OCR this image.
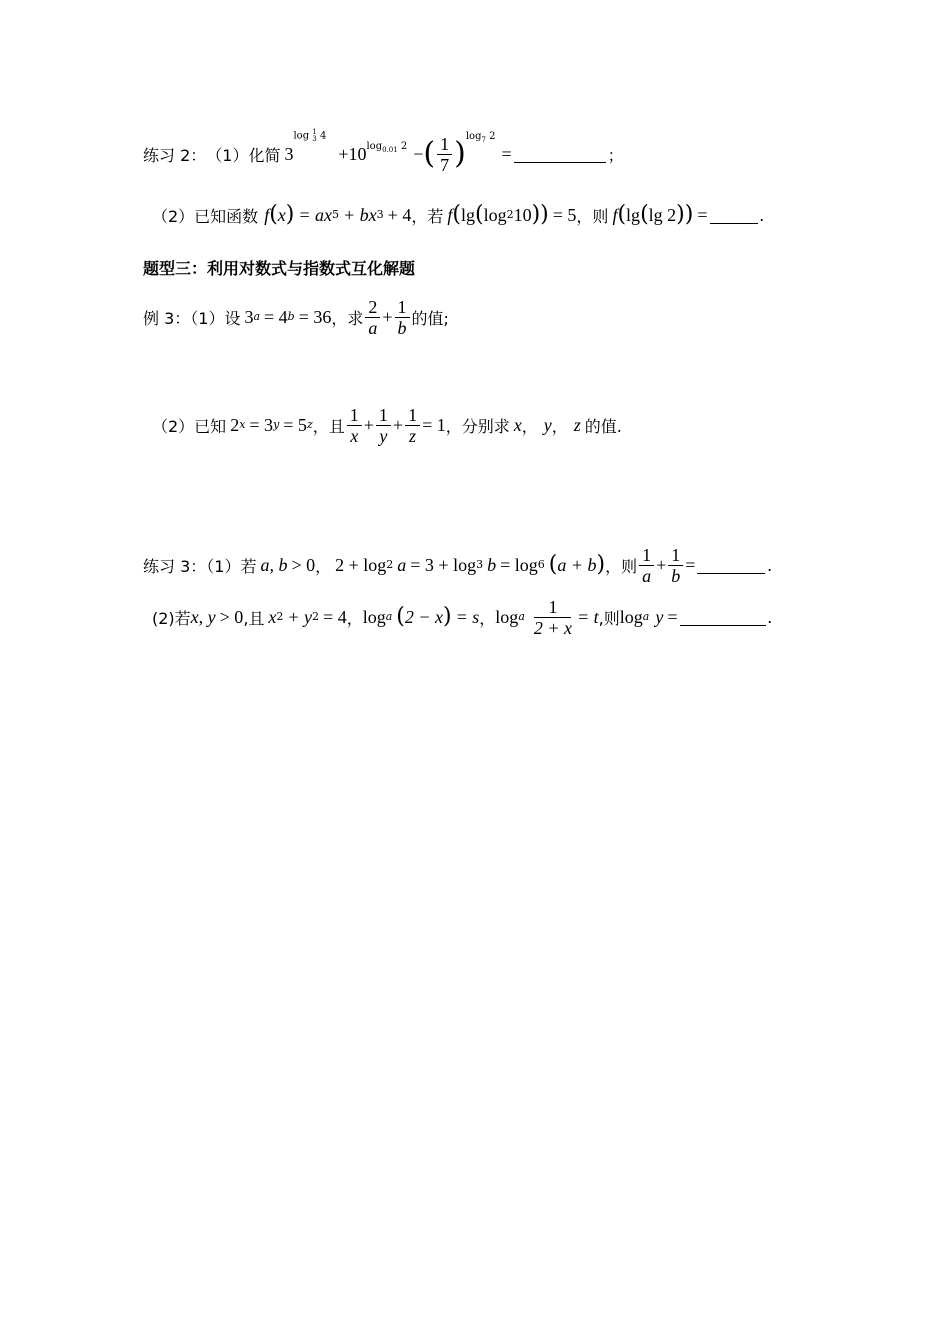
练习 2： （1）化简 3
log 1
3 4
+10 $\log_{0.01} 2$ − ( $\frac{1}{7}$ ) $\log_7 2$
=	；
（2）已知函数 f ( x ) = ax 5 + bx 3 + 4 ，若 f ( lg ( log 2 10 ) ) = 5 ，则 f ( lg ( lg 2 ) ) =	.
题型三：利用对数式与指数式互化解题
例 3：（1）设 3 a = 4 b = 36 ，求 $\frac{2}{a} + \frac{1}{b}$ 的值;
（2）已知 2 x = 3 y = 5 z ，且 $\frac{1}{x} + \frac{1}{y} + \frac{1}{z} = 1$ ，分别求 x ， y ， z 的值.
练习 3：（1）若 a, b > 0 ， 2 + log 2 a = 3 + log 3 b = log 6 ( a + b ) ，则 $\frac{1}{a} + \frac{1}{b}$ =	.
(2)若 x, y > 0 ,且 x 2 + y 2 = 4 ， log a ( 2 − x ) = s ， log a $\frac{1}{2 + x} = t$ ,则 log a y =	.
